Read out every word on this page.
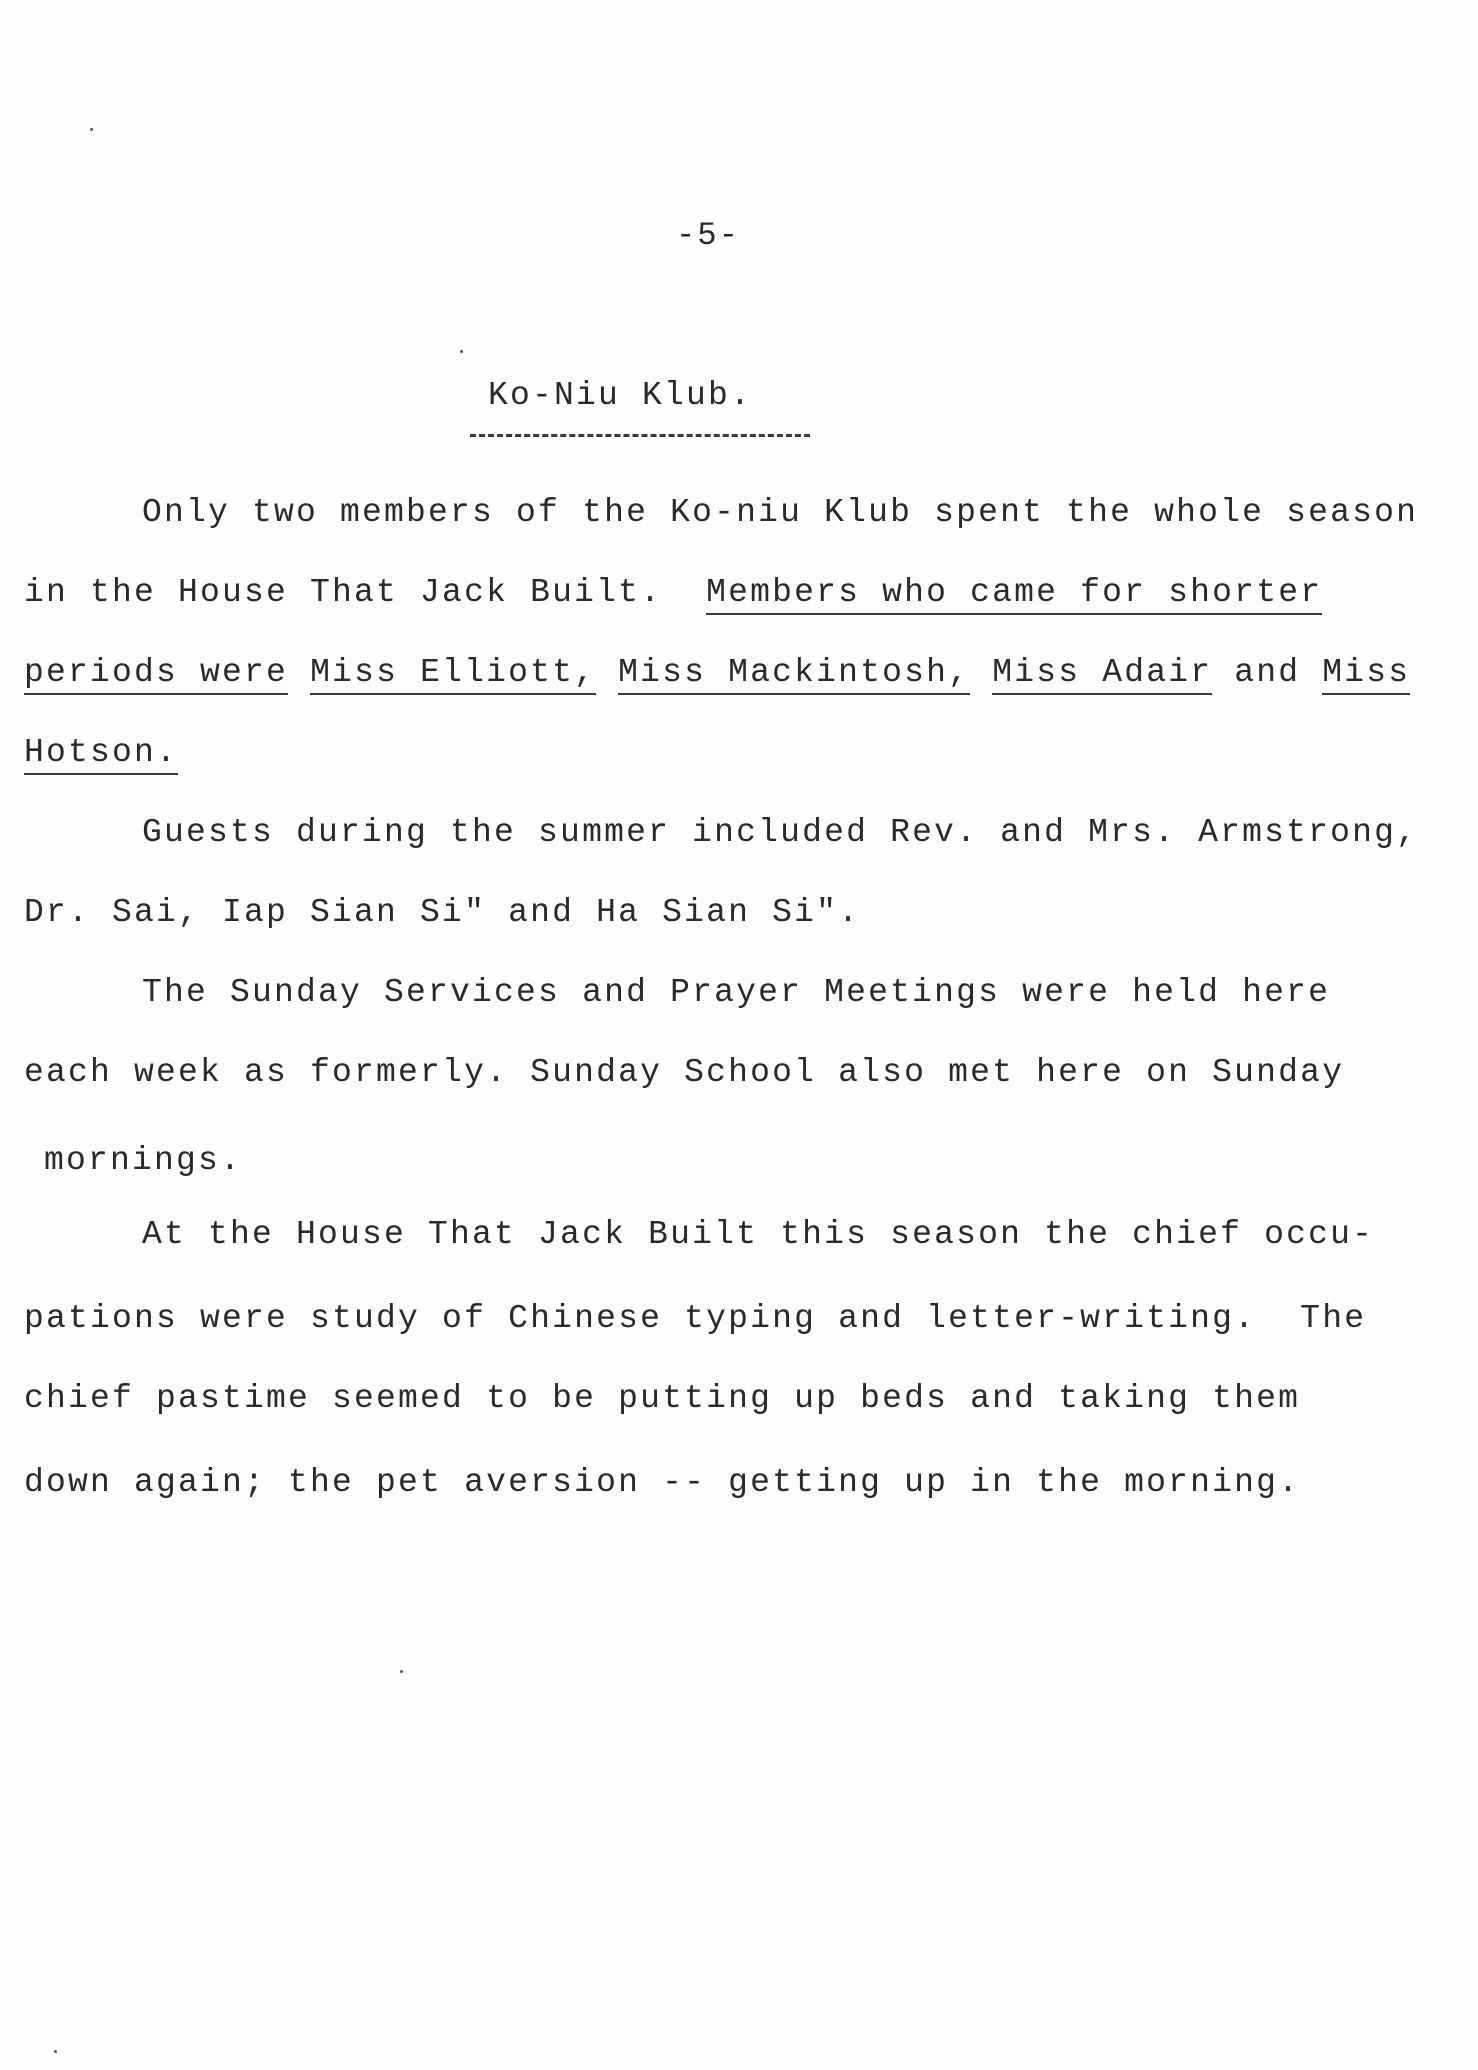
-5-
Ko-Niu Klub.
Only two members of the Ko-niu Klub spent the whole season
in the House That Jack Built. Members who came for shorter
periods were Miss Elliott, Miss Mackintosh, Miss Adair and Miss
Hotson.
Guests during the summer included Rev. and Mrs. Armstrong,
Dr. Sai, Iap Sian Si" and Ha Sian Si".
The Sunday Services and Prayer Meetings were held here
each week as formerly. Sunday School also met here on Sunday
mornings.
At the House That Jack Built this season the chief occu-
pations were study of Chinese typing and letter-writing.  The
chief pastime seemed to be putting up beds and taking them
down again; the pet aversion -- getting up in the morning.
